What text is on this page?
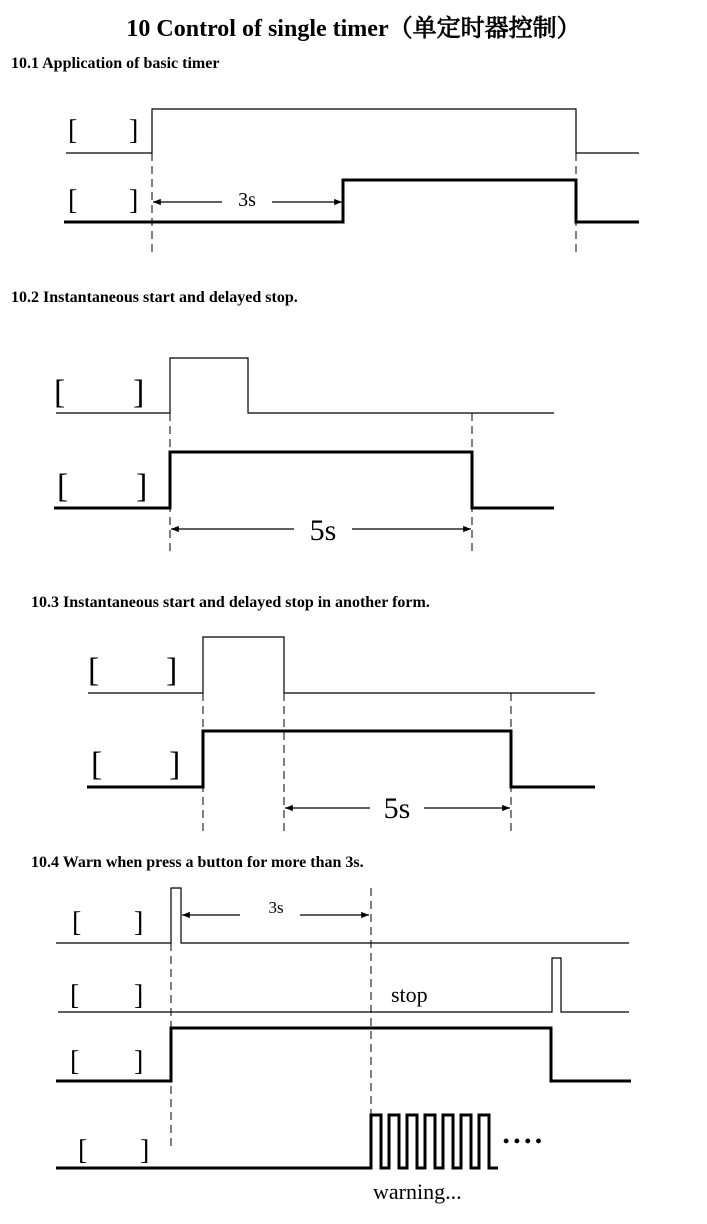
10 Control of single timer（单定时器控制）

10.1 Application of basic timer

10.2 Instantaneous start and delayed stop.

10.3 Instantaneous start and delayed stop in another form.

10.4 Warn when press a button for more than 3s.

[ ]
[ ]	3s
[ ]
[ ]
5s
[ ]
[ ]
5s
[ ]	3s
[ ]	stop
[ ]
[ ]	• • • •
warning...
